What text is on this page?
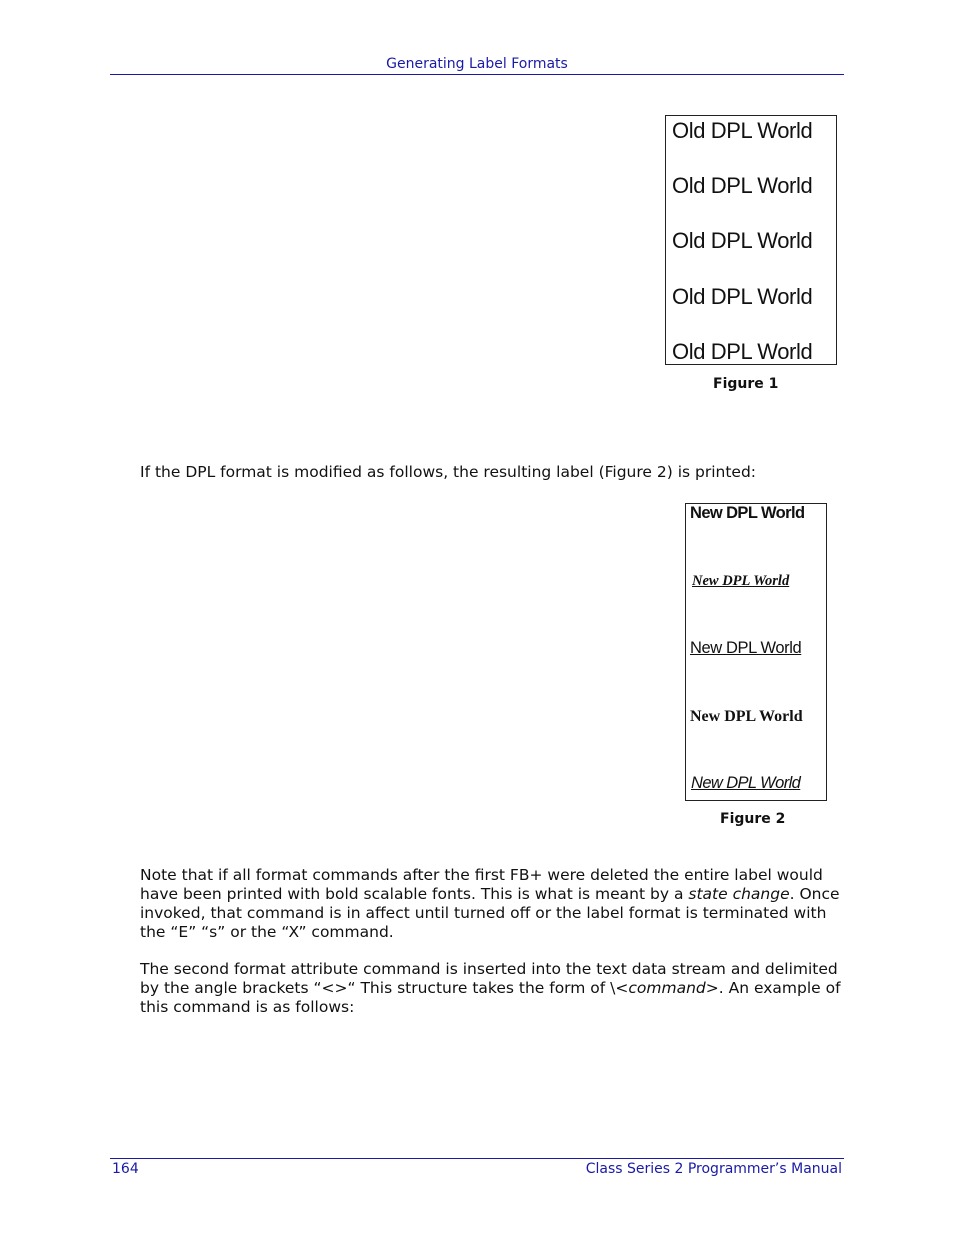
Generating Label Formats
Old DPL World
Old DPL World
Old DPL World
Old DPL World
Old DPL World
Figure 1
If the DPL format is modified as follows, the resulting label (Figure 2) is printed:
New DPL World
New DPL World
New DPL World
New DPL World
New DPL World
Figure 2
Note that if all format commands after the first FB+ were deleted the entire label would have been printed with bold scalable fonts. This is what is meant by a state change. Once invoked, that command is in affect until turned off or the label format is terminated with the “E” “s” or the “X” command.
The second format attribute command is inserted into the text data stream and delimited by the angle brackets “<>“ This structure takes the form of \<command>. An example of this command is as follows:
164	Class Series 2 Programmer’s Manual
